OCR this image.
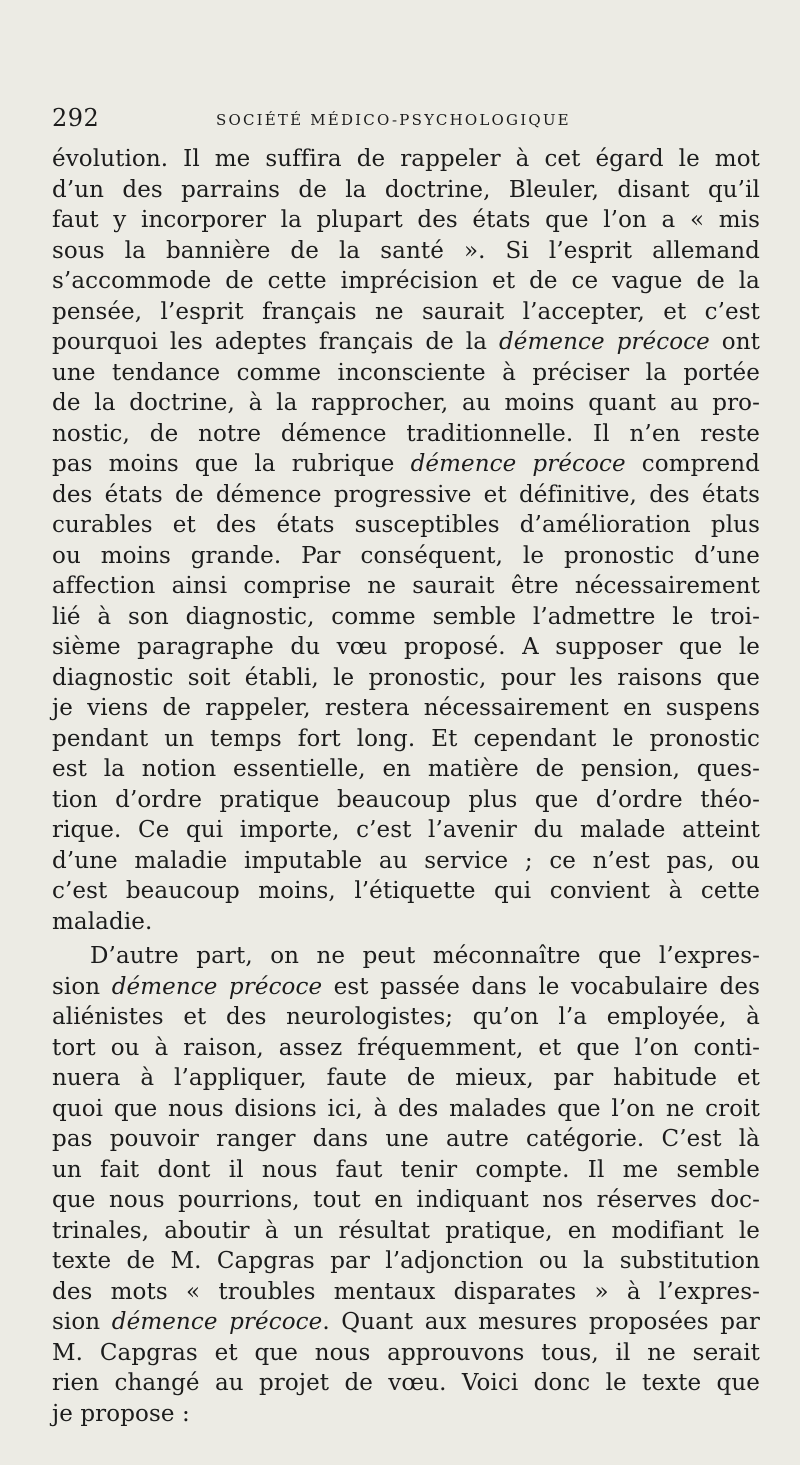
292	SOCIÉTÉ MÉDICO-PSYCHOLOGIQUE
évolution. Il me suffira de rappeler à cet égard le mot
d’un des parrains de la doctrine, Bleuler, disant qu’il
faut y incorporer la plupart des états que l’on a « mis
sous la bannière de la santé ». Si l’esprit allemand
s’accommode de cette imprécision et de ce vague de la
pensée, l’esprit français ne saurait l’accepter, et c’est
pourquoi les adeptes français de la démence précoce ont
une tendance comme inconsciente à préciser la portée
de la doctrine, à la rapprocher, au moins quant au pro-
nostic, de notre démence traditionnelle. Il n’en reste
pas moins que la rubrique démence précoce comprend
des états de démence progressive et définitive, des états
curables et des états susceptibles d’amélioration plus
ou moins grande. Par conséquent, le pronostic d’une
affection ainsi comprise ne saurait être nécessairement
lié à son diagnostic, comme semble l’admettre le troi-
sième paragraphe du vœu proposé. A supposer que le
diagnostic soit établi, le pronostic, pour les raisons que
je viens de rappeler, restera nécessairement en suspens
pendant un temps fort long. Et cependant le pronostic
est la notion essentielle, en matière de pension, ques-
tion d’ordre pratique beaucoup plus que d’ordre théo-
rique. Ce qui importe, c’est l’avenir du malade atteint
d’une maladie imputable au service ; ce n’est pas, ou
c’est beaucoup moins, l’étiquette qui convient à cette
maladie.
D’autre part, on ne peut méconnaître que l’expres-
sion démence précoce est passée dans le vocabulaire des
aliénistes et des neurologistes; qu’on l’a employée, à
tort ou à raison, assez fréquemment, et que l’on conti-
nuera à l’appliquer, faute de mieux, par habitude et
quoi que nous disions ici, à des malades que l’on ne croit
pas pouvoir ranger dans une autre catégorie. C’est là
un fait dont il nous faut tenir compte. Il me semble
que nous pourrions, tout en indiquant nos réserves doc-
trinales, aboutir à un résultat pratique, en modifiant le
texte de M. Capgras par l’adjonction ou la substitution
des mots « troubles mentaux disparates » à l’expres-
sion démence précoce. Quant aux mesures proposées par
M. Capgras et que nous approuvons tous, il ne serait
rien changé au projet de vœu. Voici donc le texte que
je propose :
